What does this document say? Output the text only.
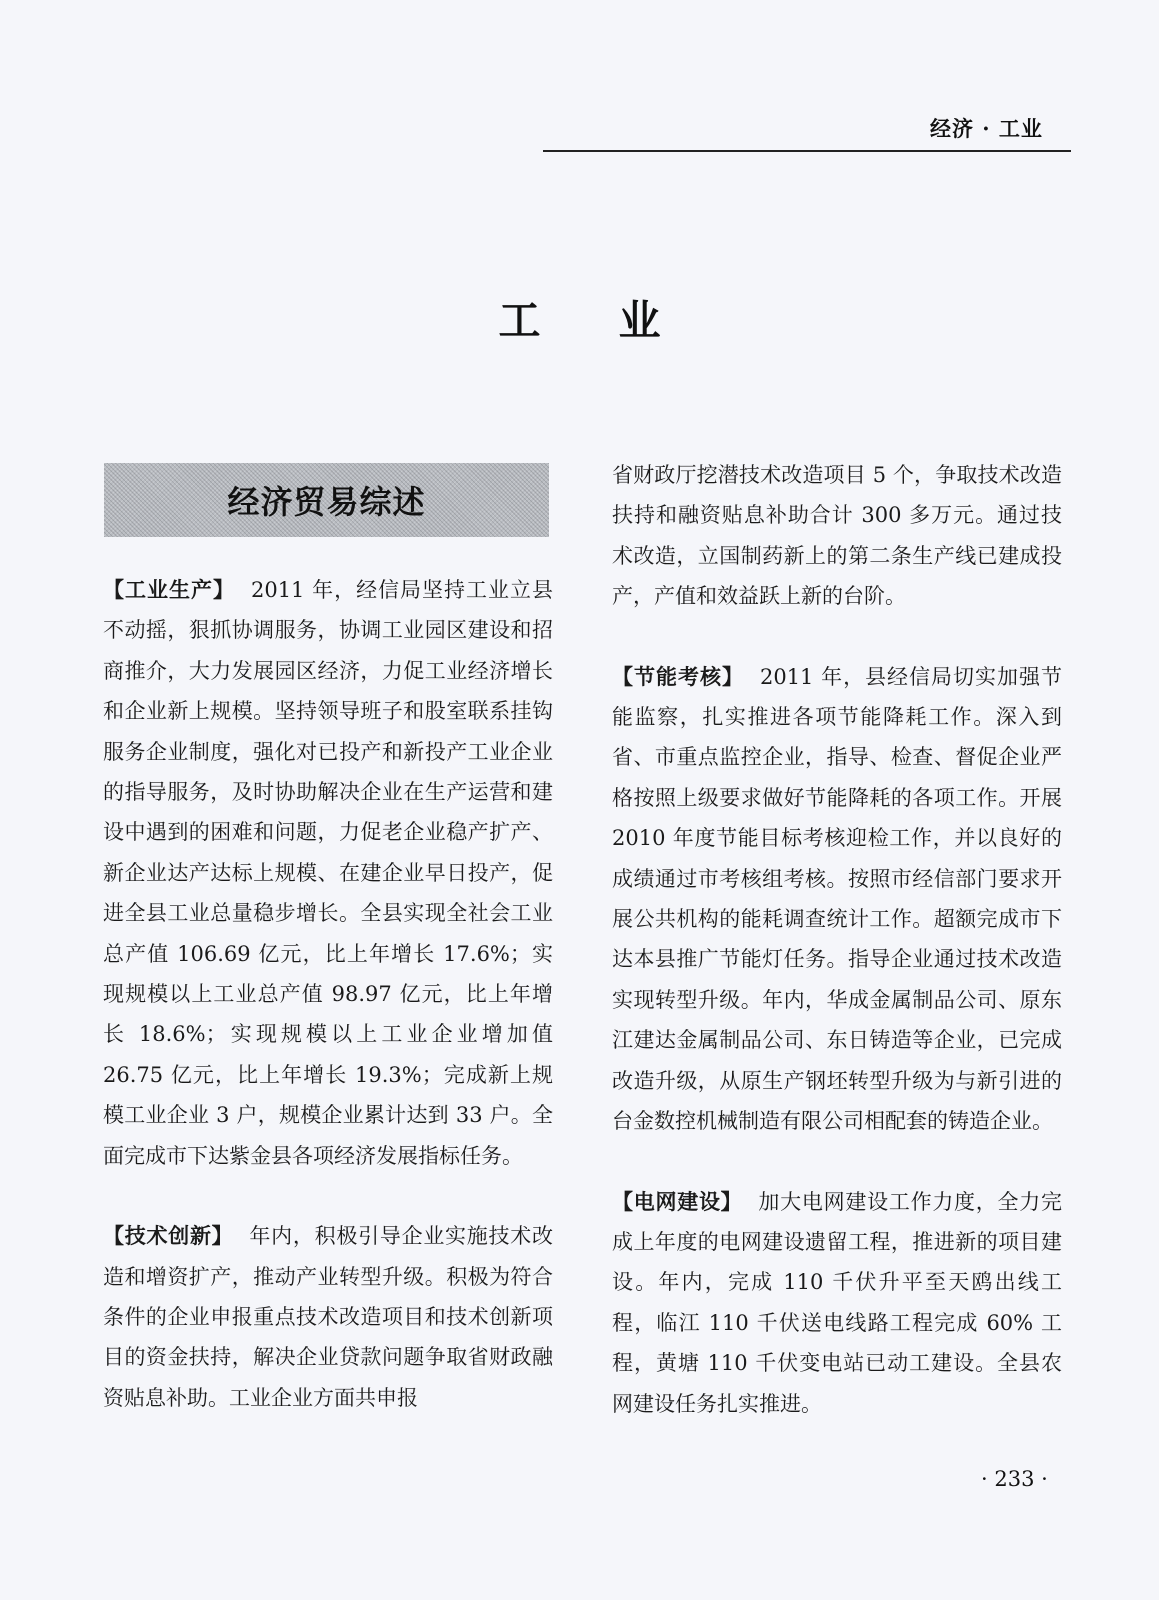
经济 · 工业
工业
经济贸易综述

【工业生产】 2011 年，经信局坚持工业立县不动摇，狠抓协调服务，协调工业园区建设和招商推介，大力发展园区经济，力促工业经济增长和企业新上规模。坚持领导班子和股室联系挂钩服务企业制度，强化对已投产和新投产工业企业的指导服务，及时协助解决企业在生产运营和建设中遇到的困难和问题，力促老企业稳产扩产、新企业达产达标上规模、在建企业早日投产，促进全县工业总量稳步增长。全县实现全社会工业总产值 106.69 亿元，比上年增长 17.6%；实现规模以上工业总产值 98.97 亿元，比上年增长 18.6%；实现规模以上工业企业增加值 26.75 亿元，比上年增长 19.3%；完成新上规模工业企业 3 户，规模企业累计达到 33 户。全面完成市下达紫金县各项经济发展指标任务。

【技术创新】 年内，积极引导企业实施技术改造和增资扩产，推动产业转型升级。积极为符合条件的企业申报重点技术改造项目和技术创新项目的资金扶持，解决企业贷款问题争取省财政融资贴息补助。工业企业方面共申报

省财政厅挖潜技术改造项目 5 个，争取技术改造扶持和融资贴息补助合计 300 多万元。通过技术改造，立国制药新上的第二条生产线已建成投产，产值和效益跃上新的台阶。

【节能考核】 2011 年，县经信局切实加强节能监察，扎实推进各项节能降耗工作。深入到省、市重点监控企业，指导、检查、督促企业严格按照上级要求做好节能降耗的各项工作。开展 2010 年度节能目标考核迎检工作，并以良好的成绩通过市考核组考核。按照市经信部门要求开展公共机构的能耗调查统计工作。超额完成市下达本县推广节能灯任务。指导企业通过技术改造实现转型升级。年内，华成金属制品公司、原东江建达金属制品公司、东日铸造等企业，已完成改造升级，从原生产钢坯转型升级为与新引进的台金数控机械制造有限公司相配套的铸造企业。

【电网建设】 加大电网建设工作力度，全力完成上年度的电网建设遗留工程，推进新的项目建设。年内，完成 110 千伏升平至天鸥出线工程，临江 110 千伏送电线路工程完成 60% 工程，黄塘 110 千伏变电站已动工建设。全县农网建设任务扎实推进。

· 233 ·
